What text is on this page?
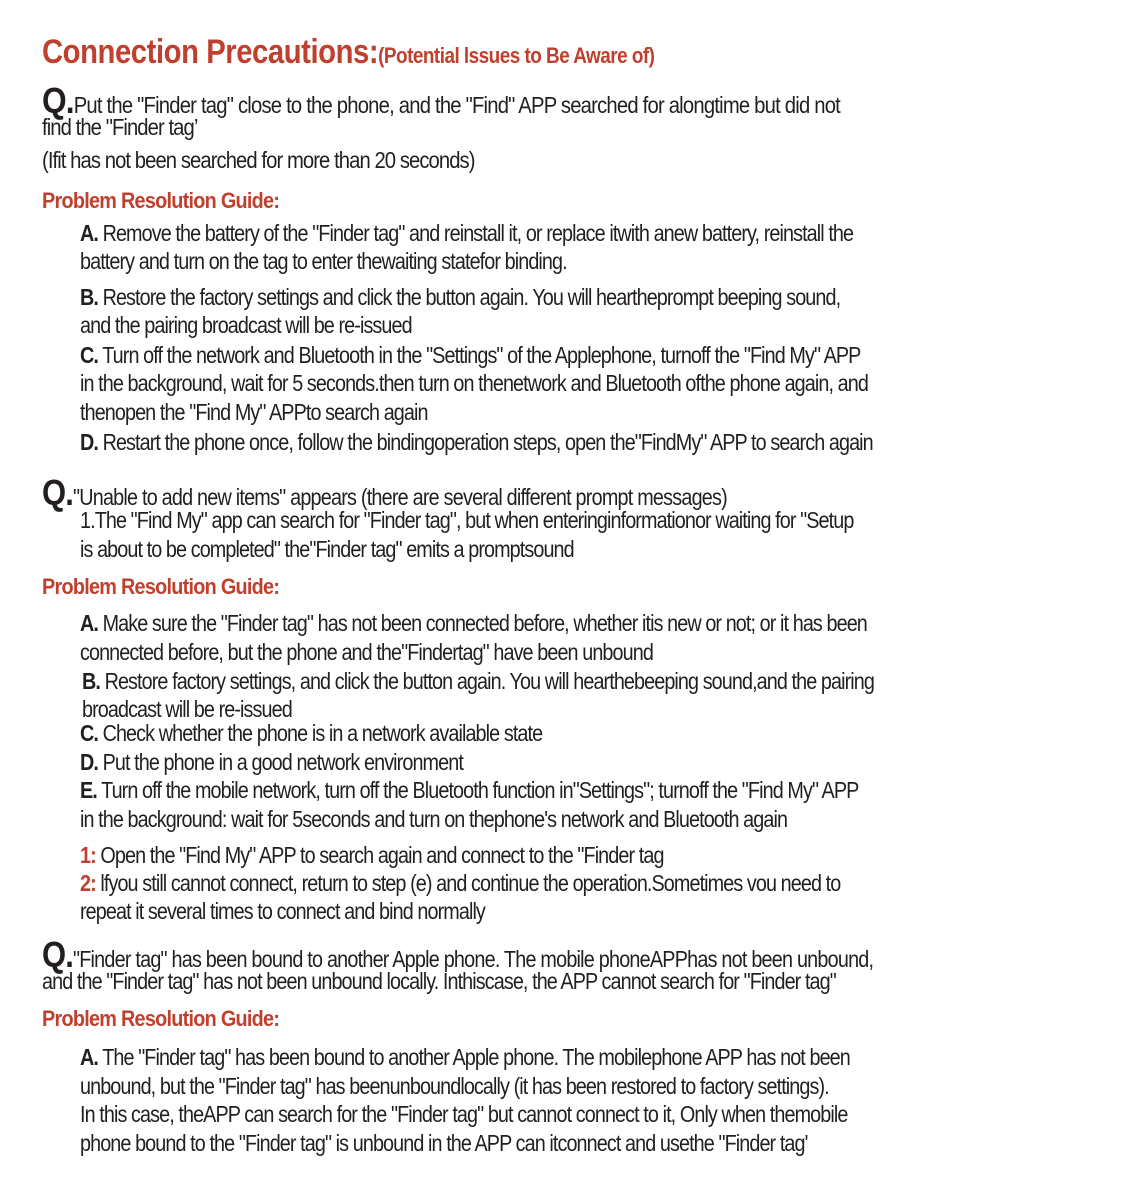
Connection Precautions:(Potential lssues to Be Aware of)
Q.Put the "Finder tag" close to the phone, and the "Find" APP searched for alongtime but did not
find the "Finder tag’
(Ifit has not been searched for more than 20 seconds)
Problem Resolution Guide:
A. Remove the battery of the "Finder tag" and reinstall it, or replace itwith anew battery, reinstall the
battery and turn on the tag to enter thewaiting statefor binding.
B. Restore the factory settings and click the button again. You will heartheprompt beeping sound,
and the pairing broadcast will be re-issued
C. Turn off the network and Bluetooth in the "Settings" of the Applephone, turnoff the "Find My" APP
in the background, wait for 5 seconds.then turn on thenetwork and Bluetooth ofthe phone again, and
thenopen the "Find My" APPto search again
D. Restart the phone once, follow the bindingoperation steps, open the"FindMy" APP to search again
Q."Unable to add new items" appears (there are several different prompt messages)
1.The "Find My" app can search for "Finder tag", but when enteringinformationor waiting for "Setup
is about to be completed" the"Finder tag" emits a promptsound
Problem Resolution Guide:
A. Make sure the "Finder tag" has not been connected before, whether itis new or not; or it has been
connected before, but the phone and the"Findertag" have been unbound
B. Restore factory settings, and click the button again. You will hearthebeeping sound,and the pairing
broadcast will be re-issued
C. Check whether the phone is in a network available state
D. Put the phone in a good network environment
E. Turn off the mobile network, turn off the Bluetooth function in"Settings"; turnoff the "Find My" APP
in the background: wait for 5seconds and turn on thephone's network and Bluetooth again
1: Open the "Find My" APP to search again and connect to the "Finder tag
2: lfyou still cannot connect, return to step (e) and continue the operation.Sometimes vou need to
repeat it several times to connect and bind normally
Q."Finder tag" has been bound to another Apple phone. The mobile phoneAPPhas not been unbound,
and the "Finder tag" has not been unbound locally. Inthiscase, the APP cannot search for "Finder tag"
Problem Resolution Guide:
A. The "Finder tag" has been bound to another Apple phone. The mobilephone APP has not been
unbound, but the "Finder tag" has beenunboundlocally (it has been restored to factory settings).
In this case, theAPP can search for the "Finder tag" but cannot connect to it, Only when themobile
phone bound to the "Finder tag" is unbound in the APP can itconnect and usethe "Finder tag'
